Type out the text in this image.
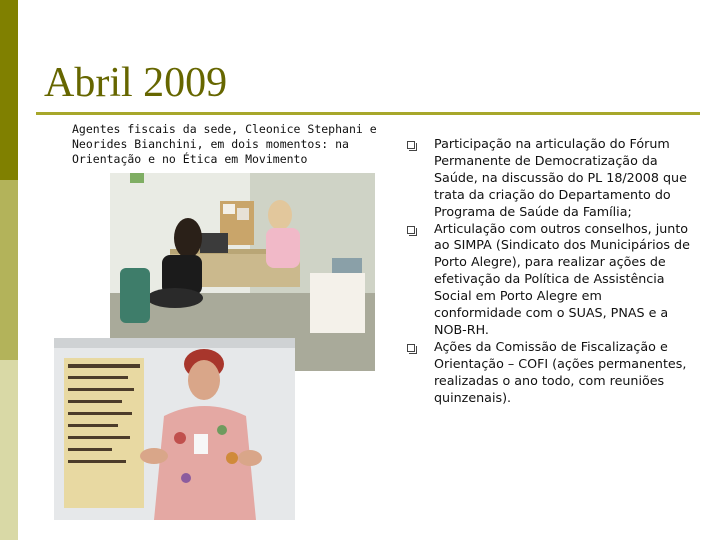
Abril 2009
Agentes fiscais da sede, Cleonice Stephani e Neorides Bianchini, em dois momentos: na Orientação e no Ética em Movimento
Participação na articulação do Fórum Permanente de Democratização da Saúde, na discussão do PL 18/2008 que trata da criação do Departamento do Programa de Saúde da Família;
Articulação com outros conselhos, junto ao SIMPA (Sindicato dos Municipários de Porto Alegre), para realizar ações de efetivação da Política de Assistência Social em Porto Alegre em conformidade com o SUAS, PNAS e a NOB-RH.
Ações da Comissão de Fiscalização e Orientação – COFI (ações permanentes, realizadas o ano todo, com reuniões quinzenais).
